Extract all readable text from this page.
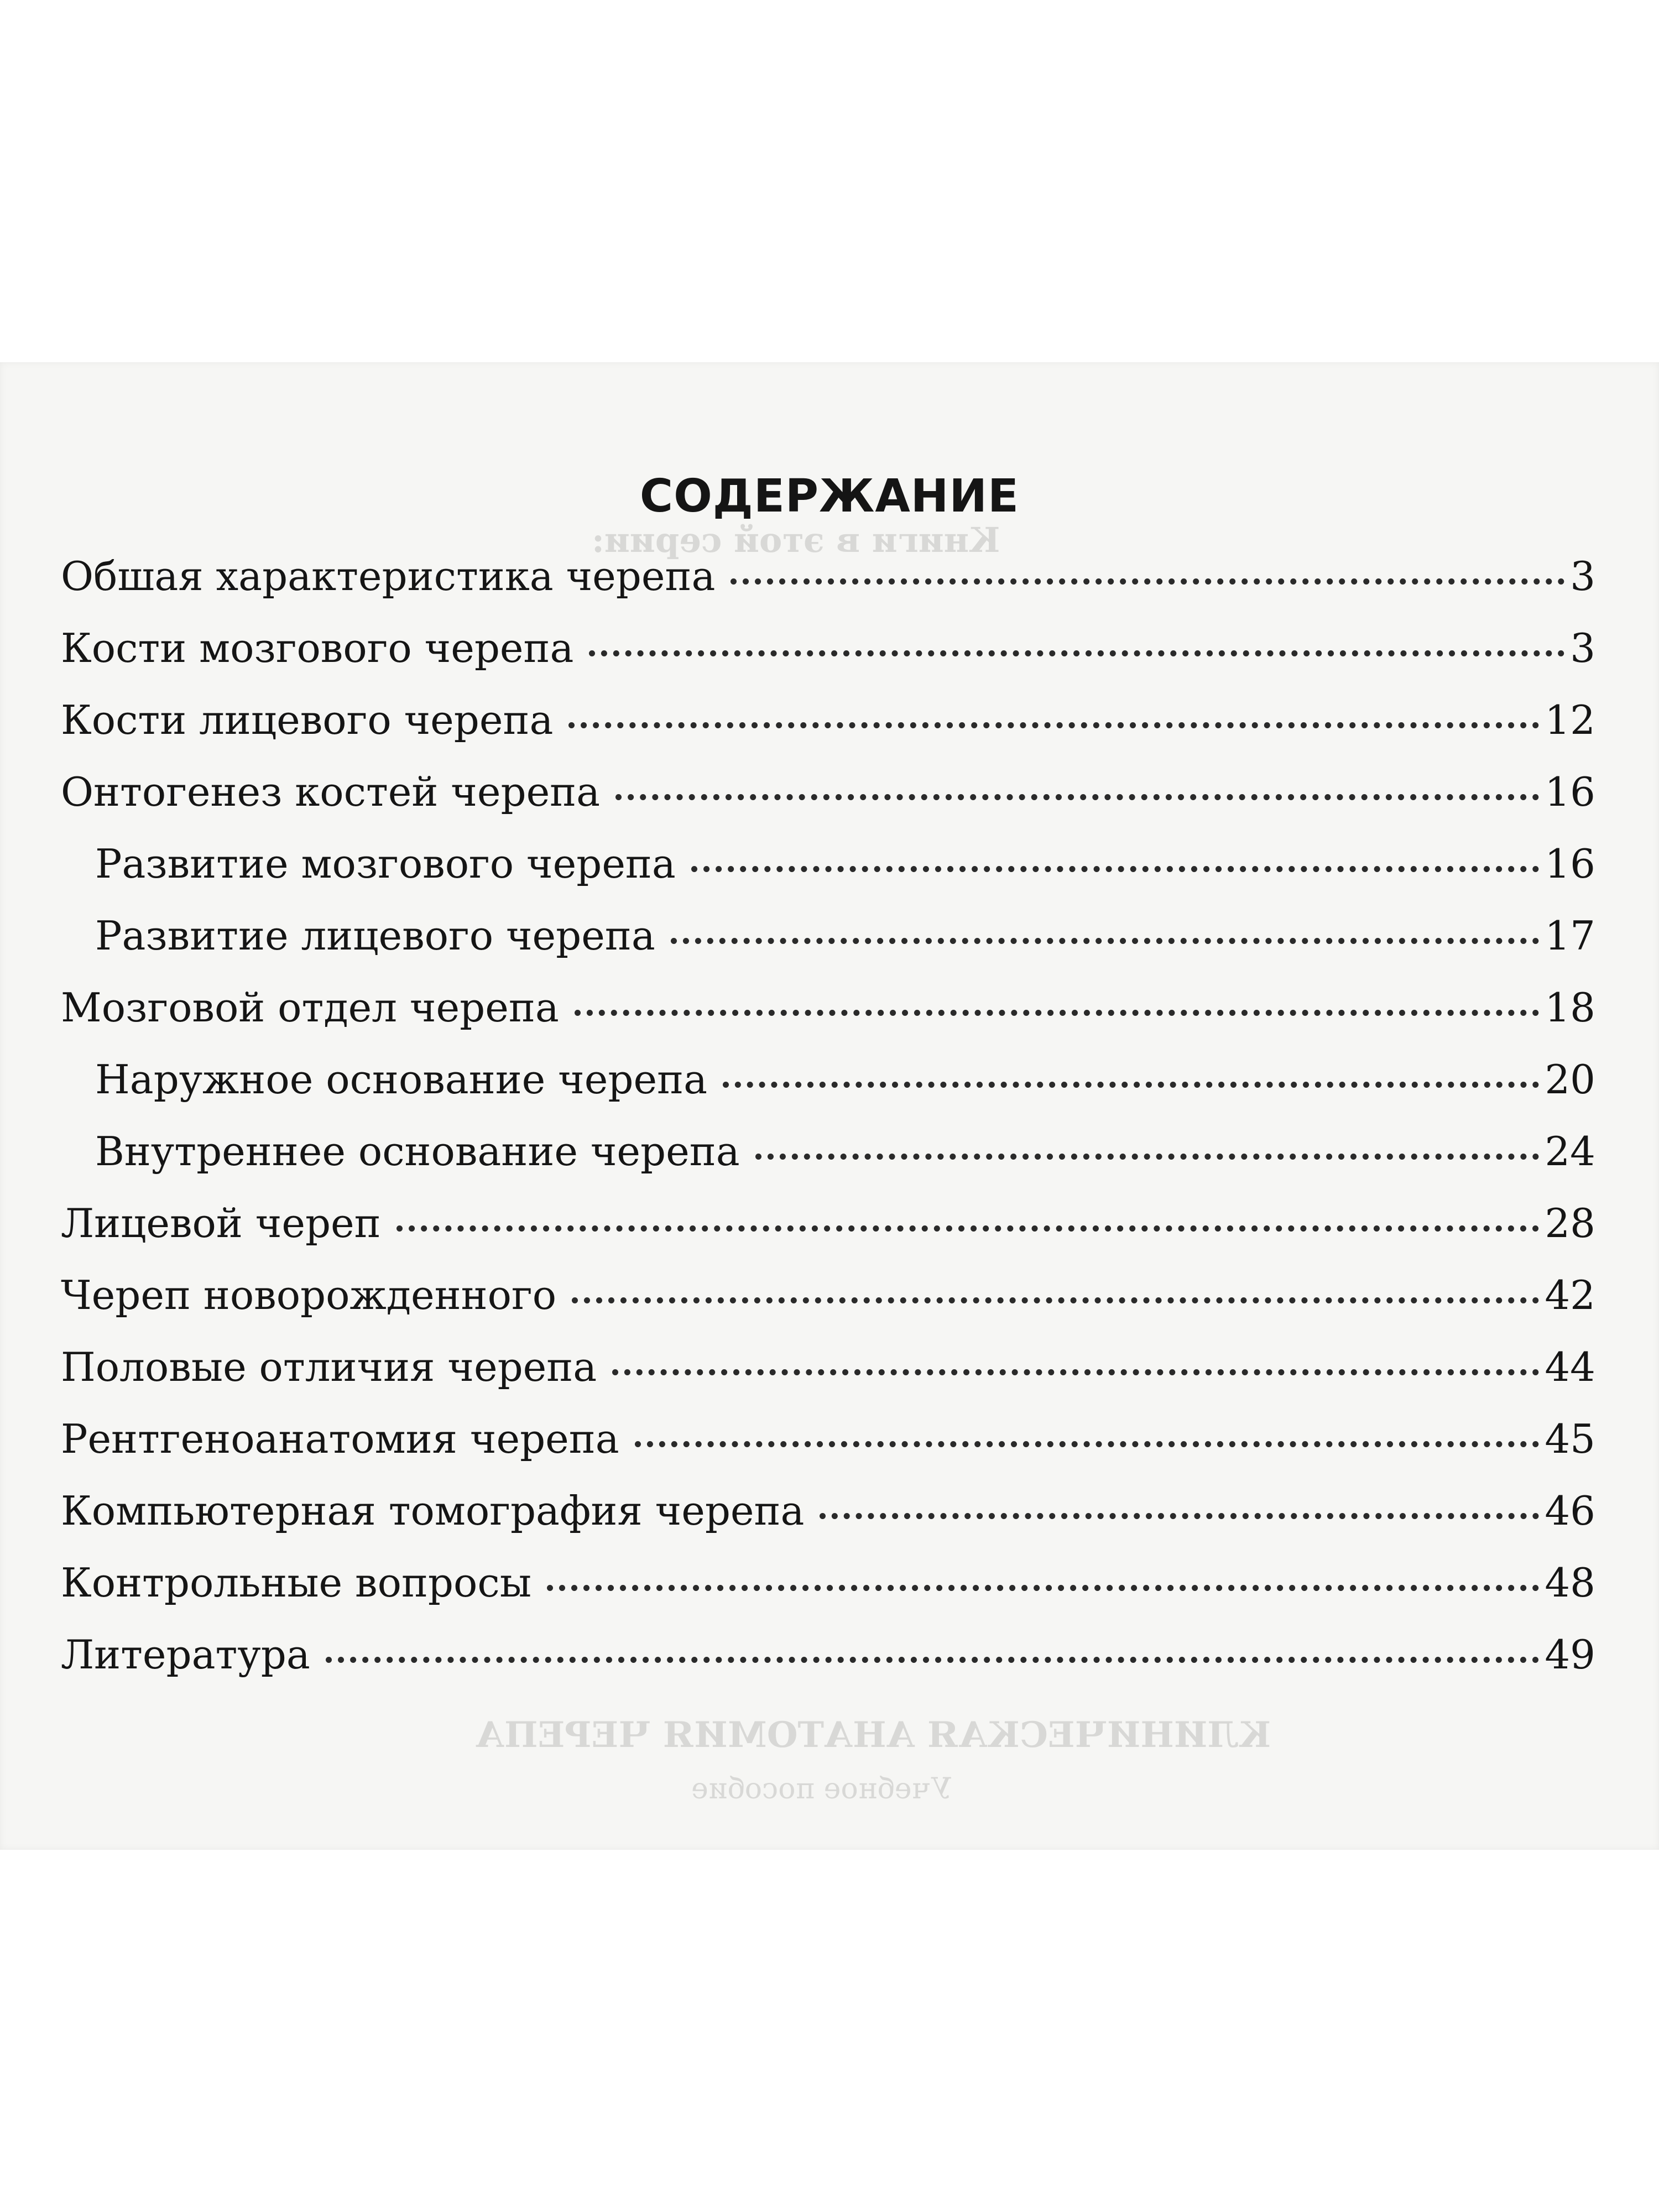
Книги в этой серии:
КЛИНИЧЕСКАЯ АНАТОМИЯ ЧЕРЕПА
Учебное пособие
СОДЕРЖАНИЕ
Обшая характеристика черепа	3
Кости мозгового черепа	3
Кости лицевого черепа	12
Онтогенез костей черепа	16
Развитие мозгового черепа	16
Развитие лицевого черепа	17
Мозговой отдел черепа	18
Наружное основание черепа	20
Внутреннее основание черепа	24
Лицевой череп	28
Череп новорожденного	42
Половые отличия черепа	44
Рентгеноанатомия черепа	45
Компьютерная томография черепа	46
Контрольные вопросы	48
Литература	49
